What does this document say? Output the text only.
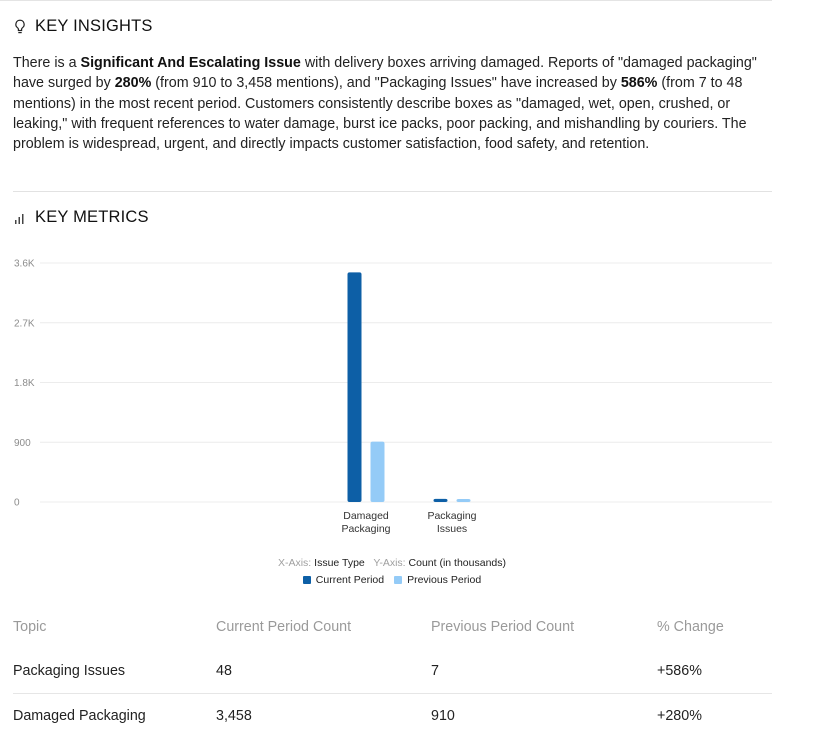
KEY INSIGHTS
There is a Significant And Escalating Issue with delivery boxes arriving damaged. Reports of "damaged packaging" have surged by 280% (from 910 to 3,458 mentions), and "Packaging Issues" have increased by 586% (from 7 to 48 mentions) in the most recent period. Customers consistently describe boxes as "damaged, wet, open, crushed, or leaking," with frequent references to water damage, burst ice packs, poor packing, and mishandling by couriers. The problem is widespread, urgent, and directly impacts customer satisfaction, food safety, and retention.
KEY METRICS
0
900
1.8K
2.7K
3.6K
Damaged
Packaging
Packaging
Issues
X-Axis: Issue Type Y-Axis: Count (in thousands)
Current Period Previous Period
Topic	Current Period Count	Previous Period Count	% Change
Packaging Issues	48	7	+586%
Damaged Packaging	3,458	910	+280%
